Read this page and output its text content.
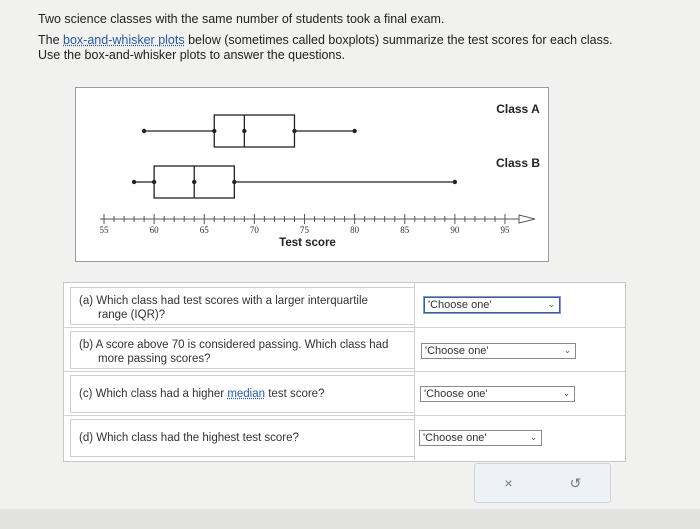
Two science classes with the same number of students took a final exam.
The box-and-whisker plots below (sometimes called boxplots) summarize the test scores for each class.
Use the box-and-whisker plots to answer the questions.
55	60	65	70	75	80	85	90	95
Test score
Class A
Class B
(a) Which class had test scores with a larger interquartile
range (IQR)?
'Choose one'	⌄
(b) A score above 70 is considered passing. Which class had
more passing scores?
'Choose one'	⌄
(c) Which class had a higher median test score?	'Choose one'	⌄
(d) Which class had the highest test score?	'Choose one'	⌄
×	↺
